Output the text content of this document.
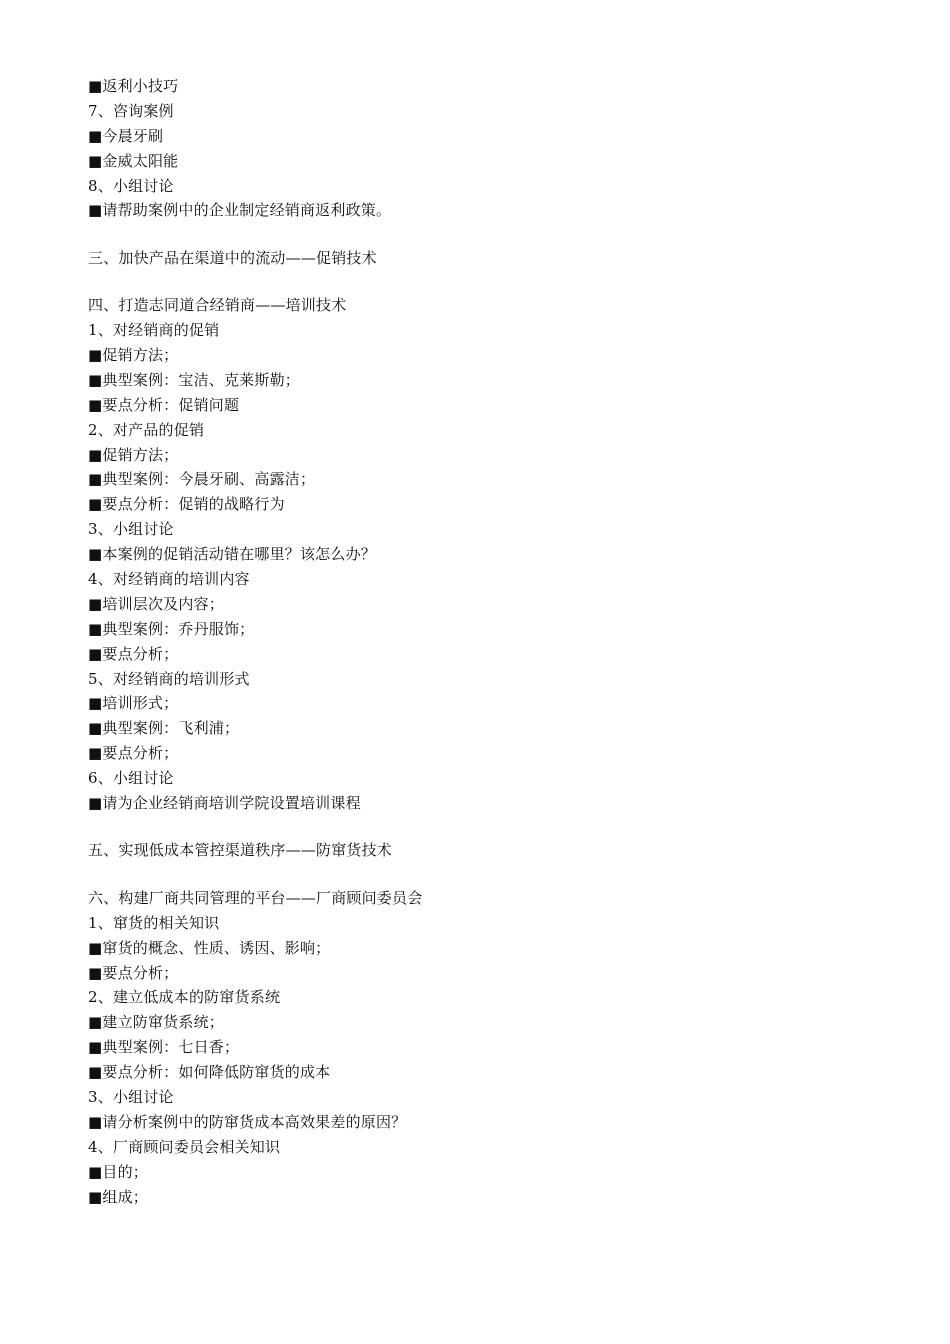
■返利小技巧
7、咨询案例
■今晨牙刷
■金威太阳能
8、小组讨论
■请帮助案例中的企业制定经销商返利政策。
三、加快产品在渠道中的流动——促销技术
四、打造志同道合经销商——培训技术
1、对经销商的促销
■促销方法；
■典型案例：宝洁、克莱斯勒；
■要点分析：促销问题
2、对产品的促销
■促销方法；
■典型案例：今晨牙刷、高露洁；
■要点分析：促销的战略行为
3、小组讨论
■本案例的促销活动错在哪里？该怎么办？
4、对经销商的培训内容
■培训层次及内容；
■典型案例：乔丹服饰；
■要点分析；
5、对经销商的培训形式
■培训形式；
■典型案例：飞利浦；
■要点分析；
6、小组讨论
■请为企业经销商培训学院设置培训课程
五、实现低成本管控渠道秩序——防窜货技术
六、构建厂商共同管理的平台——厂商顾问委员会
1、窜货的相关知识
■窜货的概念、性质、诱因、影响；
■要点分析；
2、建立低成本的防窜货系统
■建立防窜货系统；
■典型案例：七日香；
■要点分析：如何降低防窜货的成本
3、小组讨论
■请分析案例中的防窜货成本高效果差的原因？
4、厂商顾问委员会相关知识
■目的；
■组成；
